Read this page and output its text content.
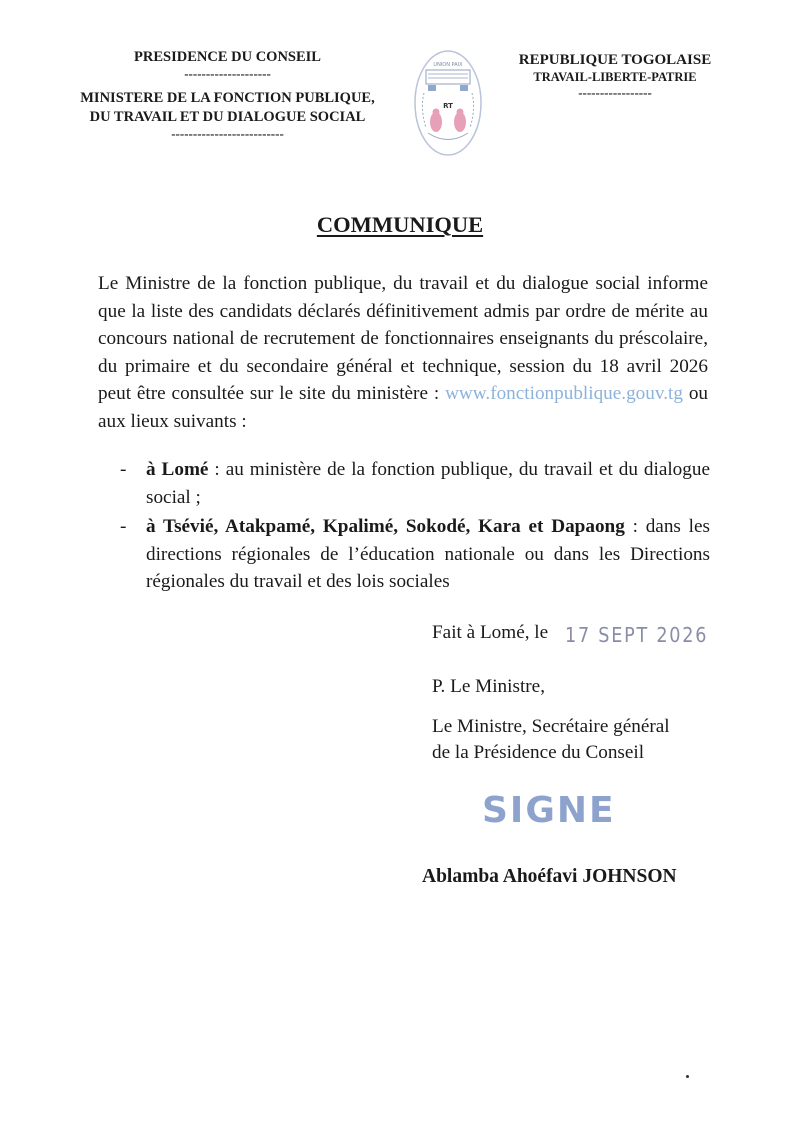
PRESIDENCE DU CONSEIL
--------------------
MINISTERE DE LA FONCTION PUBLIQUE,
DU TRAVAIL ET DU DIALOGUE SOCIAL
--------------------------
UNION PAIX
RT
REPUBLIQUE TOGOLAISE
TRAVAIL-LIBERTE-PATRIE
-----------------
COMMUNIQUE
Le Ministre de la fonction publique, du travail et du dialogue social informe que la liste des candidats déclarés définitivement admis par ordre de mérite au concours national de recrutement de fonctionnaires enseignants du préscolaire, du primaire et du secondaire général et technique, session du 18 avril 2026 peut être consultée sur le site du ministère : www.fonctionpublique.gouv.tg ou aux lieux suivants :
- à Lomé : au ministère de la fonction publique, du travail et du dialogue social ;
- à Tsévié, Atakpamé, Kpalimé, Sokodé, Kara et Dapaong : dans les directions régionales de l’éducation nationale ou dans les Directions régionales du travail et des lois sociales
Fait à Lomé, le 17 SEPT 2026
P. Le Ministre,
Le Ministre, Secrétaire général
de la Présidence du Conseil
SIGNE
Ablamba Ahoéfavi JOHNSON
